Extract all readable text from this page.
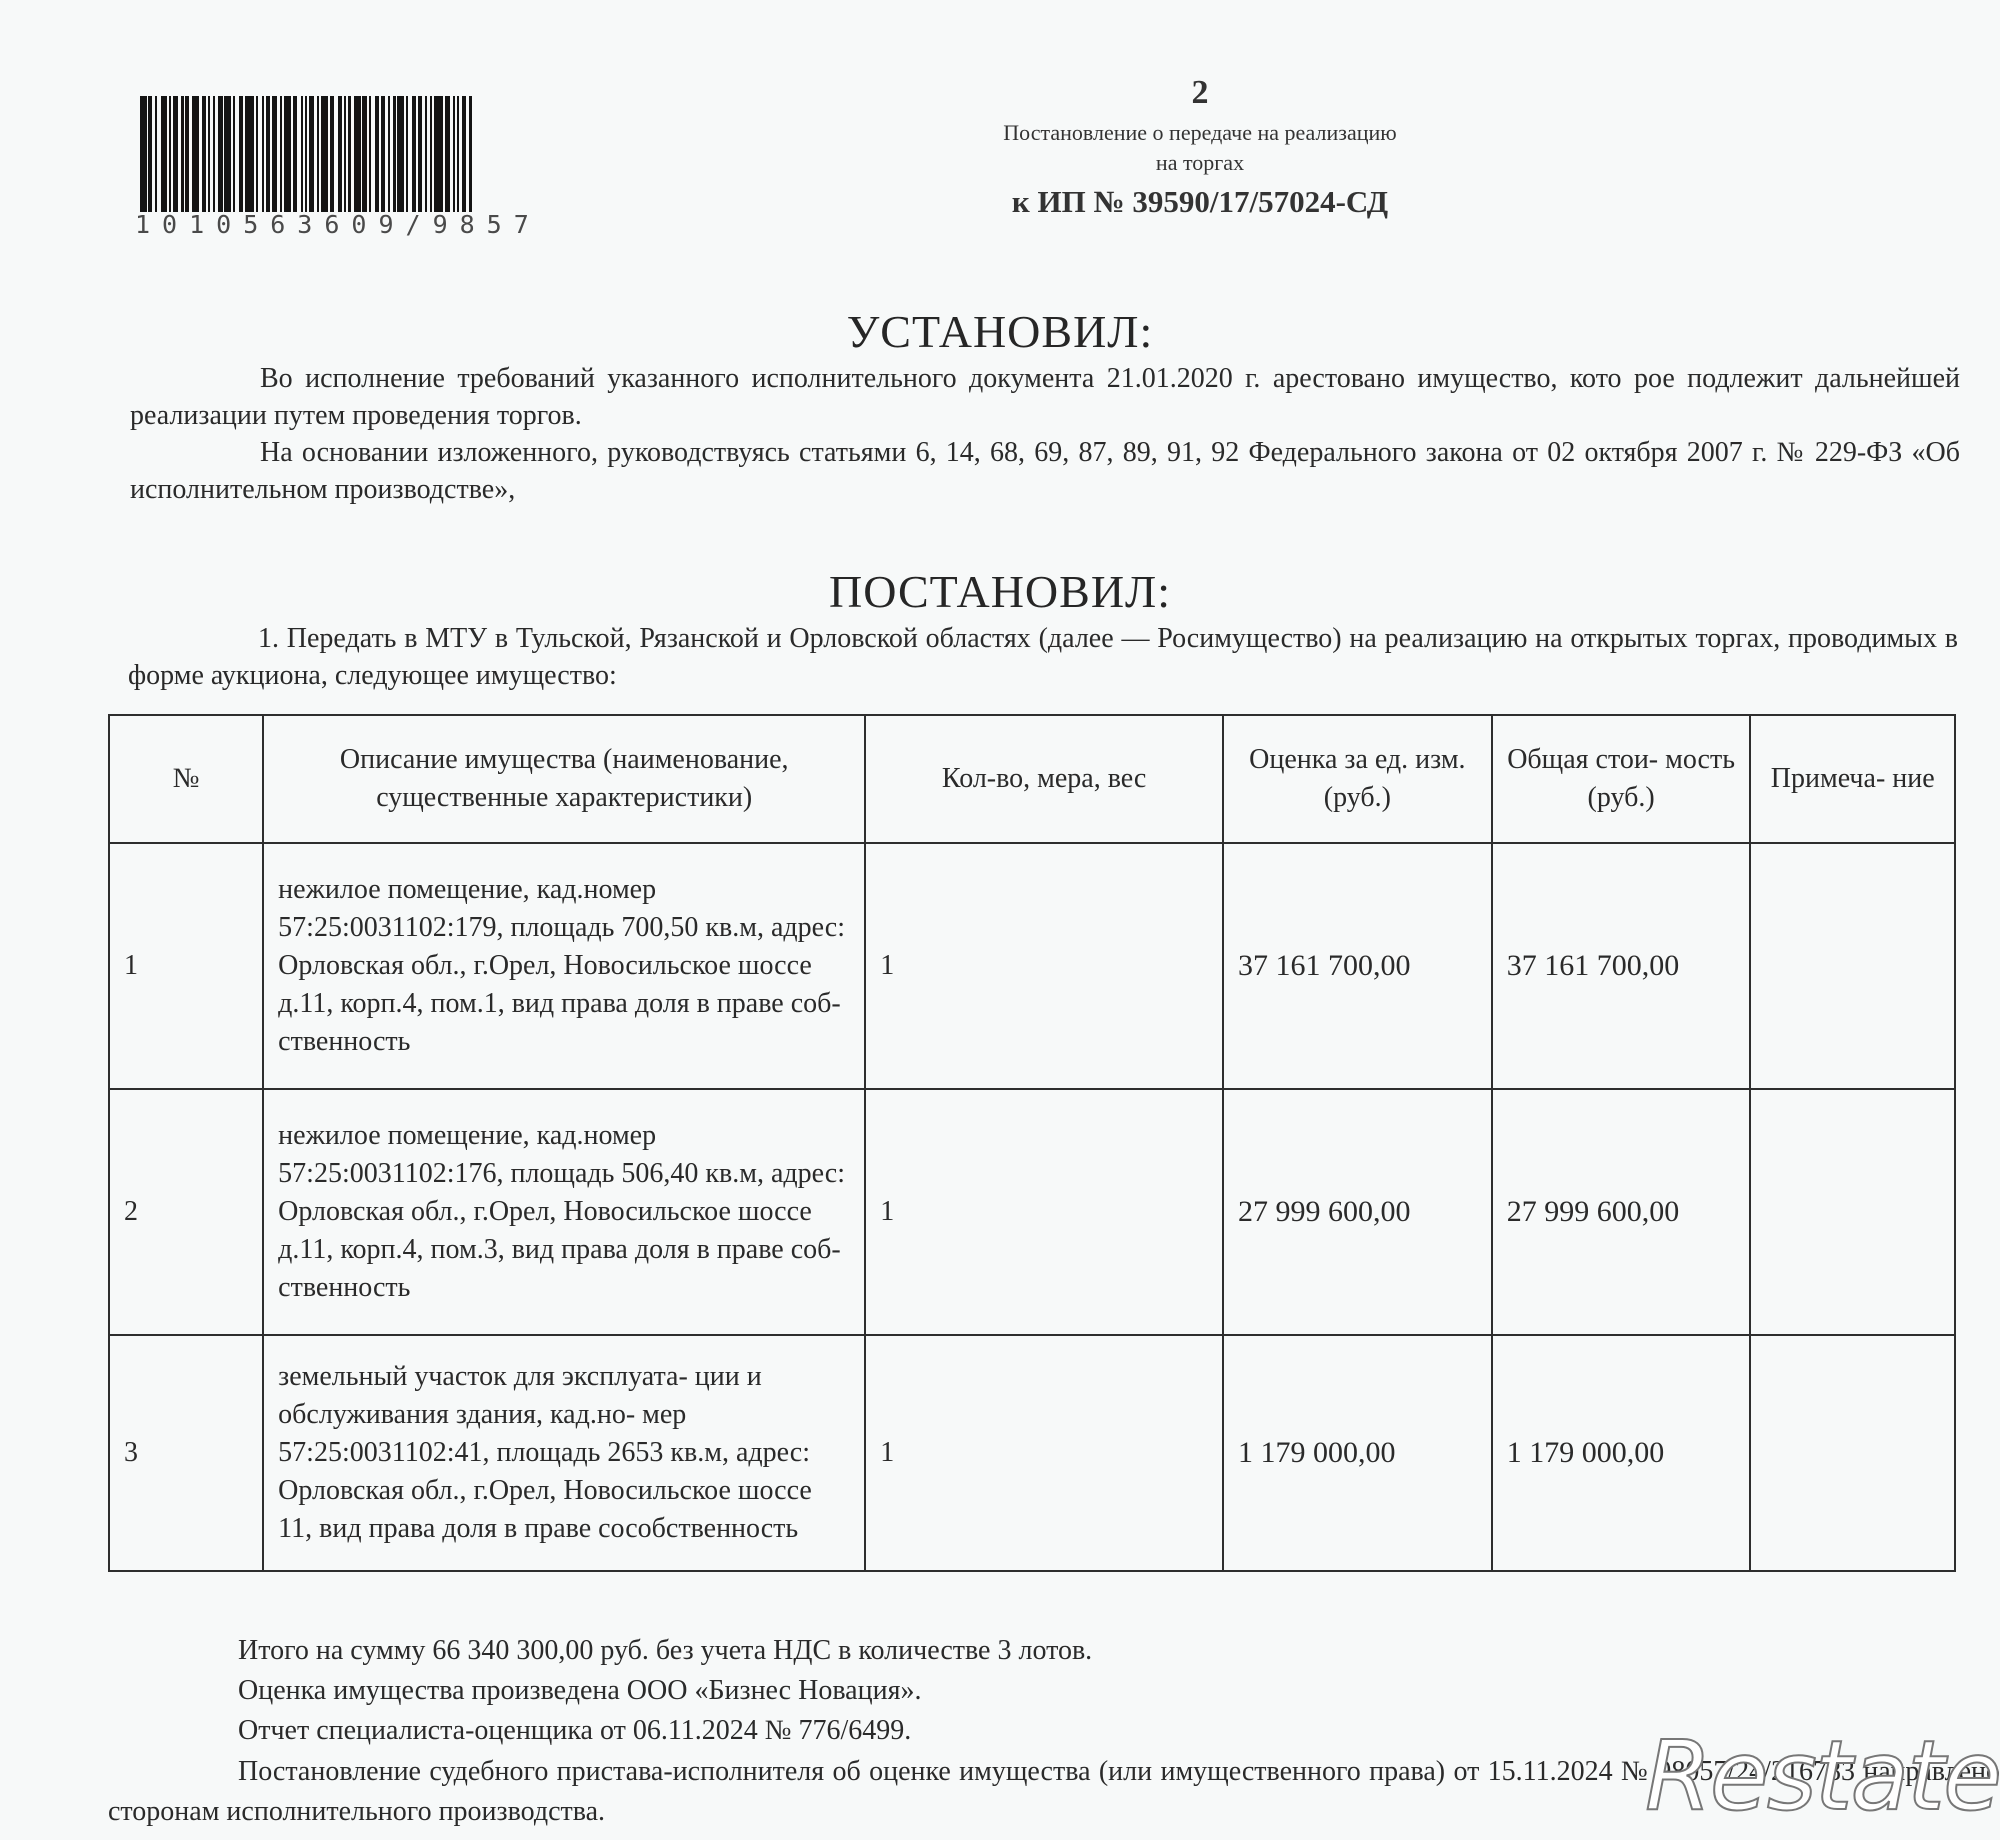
1010563609/9857
2
Постановление о передаче на реализацию
на торгах
к ИП № 39590/17/57024-СД
УСТАНОВИЛ:
Во исполнение требований указанного исполнительного документа 21.01.2020 г. арестовано имущество, кото рое подлежит дальнейшей реализации путем проведения торгов.
На основании изложенного, руководствуясь статьями 6, 14, 68, 69, 87, 89, 91, 92 Федерального закона от 02 октября 2007 г. № 229-ФЗ «Об исполнительном производстве»,
ПОСТАНОВИЛ:
1. Передать в МТУ в Тульской, Рязанской и Орловской областях (далее — Росимущество) на реализацию на открытых торгах, проводимых в форме аукциона, следующее имущество:
№	Описание имущества (наименование, существенные характеристики)	Кол-во, мера, вес	Оценка за ед. изм. (руб.)	Общая стои- мость (руб.)	Примеча- ние
1	нежилое помещение, кад.номер 57:25:0031102:179, площадь 700,50 кв.м, адрес: Орловская обл., г.Орел, Новосильское шоссе д.11, корп.4, пом.1, вид права доля в праве соб- ственность	1	37 161 700,00	37 161 700,00	
2	нежилое помещение, кад.номер 57:25:0031102:176, площадь 506,40 кв.м, адрес: Орловская обл., г.Орел, Новосильское шоссе д.11, корп.4, пом.3, вид права доля в праве соб- ственность	1	27 999 600,00	27 999 600,00	
3	земельный участок для эксплуата- ции и обслуживания здания, кад.но- мер 57:25:0031102:41, площадь 2653 кв.м, адрес: Орловская обл., г.Орел, Новосильское шоссе 11, вид права доля в праве сособственность	1	1 179 000,00	1 179 000,00	
Итого на сумму 66 340 300,00 руб. без учета НДС в количестве 3 лотов.
Оценка имущества произведена ООО «Бизнес Новация».
Отчет специалиста-оценщика от 06.11.2024 № 776/6499.
Постановление судебного пристава-исполнителя об оценке имущества (или имущественного права) от 15.11.2024 № 98057/24/216783 направлено сторонам исполнительного производства.	Restate
